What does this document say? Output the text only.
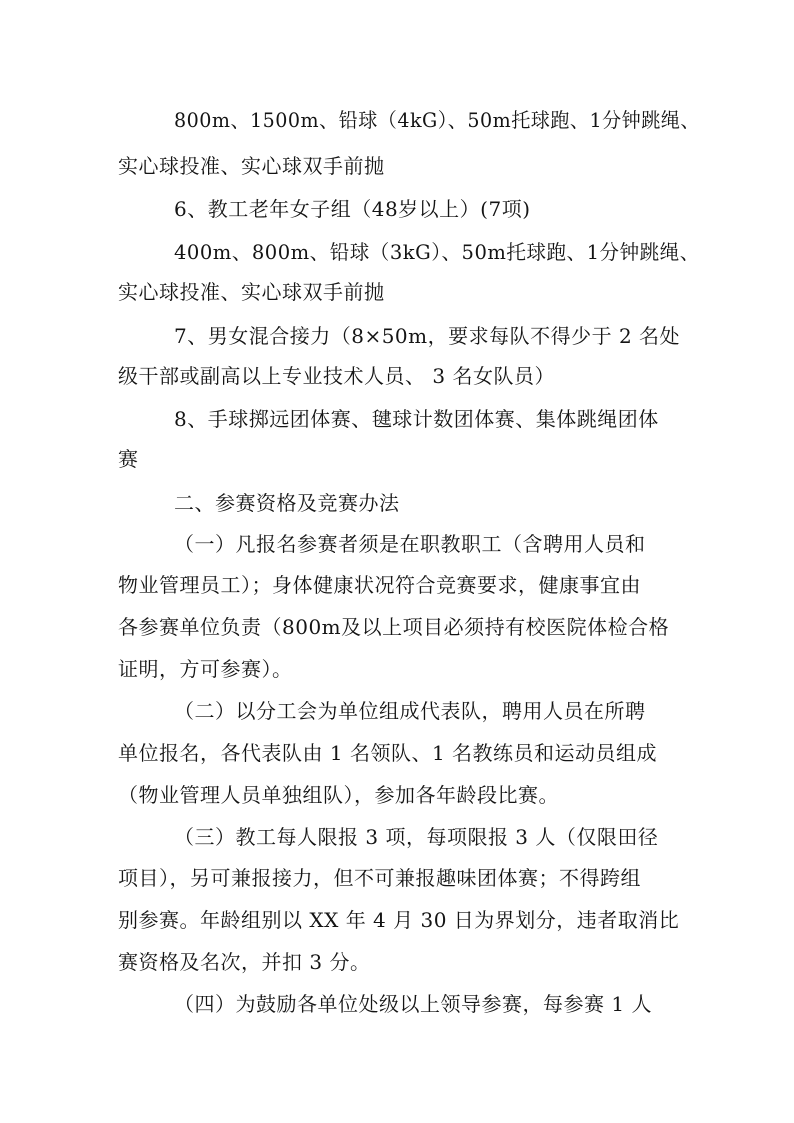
800m、1500m、铅球（4kG）、50m托球跑、1分钟跳绳、

实心球投准、实心球双手前抛

6、教工老年女子组（48岁以上）(7项)

400m、800m、铅球（3kG）、50m托球跑、1分钟跳绳、

实心球投准、实心球双手前抛

7、男女混合接力（8×50m，要求每队不得少于 2 名处

级干部或副高以上专业技术人员、 3 名女队员）

8、手球掷远团体赛、毽球计数团体赛、集体跳绳团体

赛

二、参赛资格及竞赛办法

（一）凡报名参赛者须是在职教职工（含聘用人员和

物业管理员工）；身体健康状况符合竞赛要求，健康事宜由

各参赛单位负责（800m及以上项目必须持有校医院体检合格

证明，方可参赛）。

（二）以分工会为单位组成代表队，聘用人员在所聘

单位报名，各代表队由 1 名领队、1 名教练员和运动员组成

（物业管理人员单独组队），参加各年龄段比赛。

（三）教工每人限报 3 项，每项限报 3 人（仅限田径

项目），另可兼报接力，但不可兼报趣味团体赛；不得跨组

别参赛。年龄组别以 XX 年 4 月 30 日为界划分，违者取消比

赛资格及名次，并扣 3 分。

（四）为鼓励各单位处级以上领导参赛，每参赛 1 人
